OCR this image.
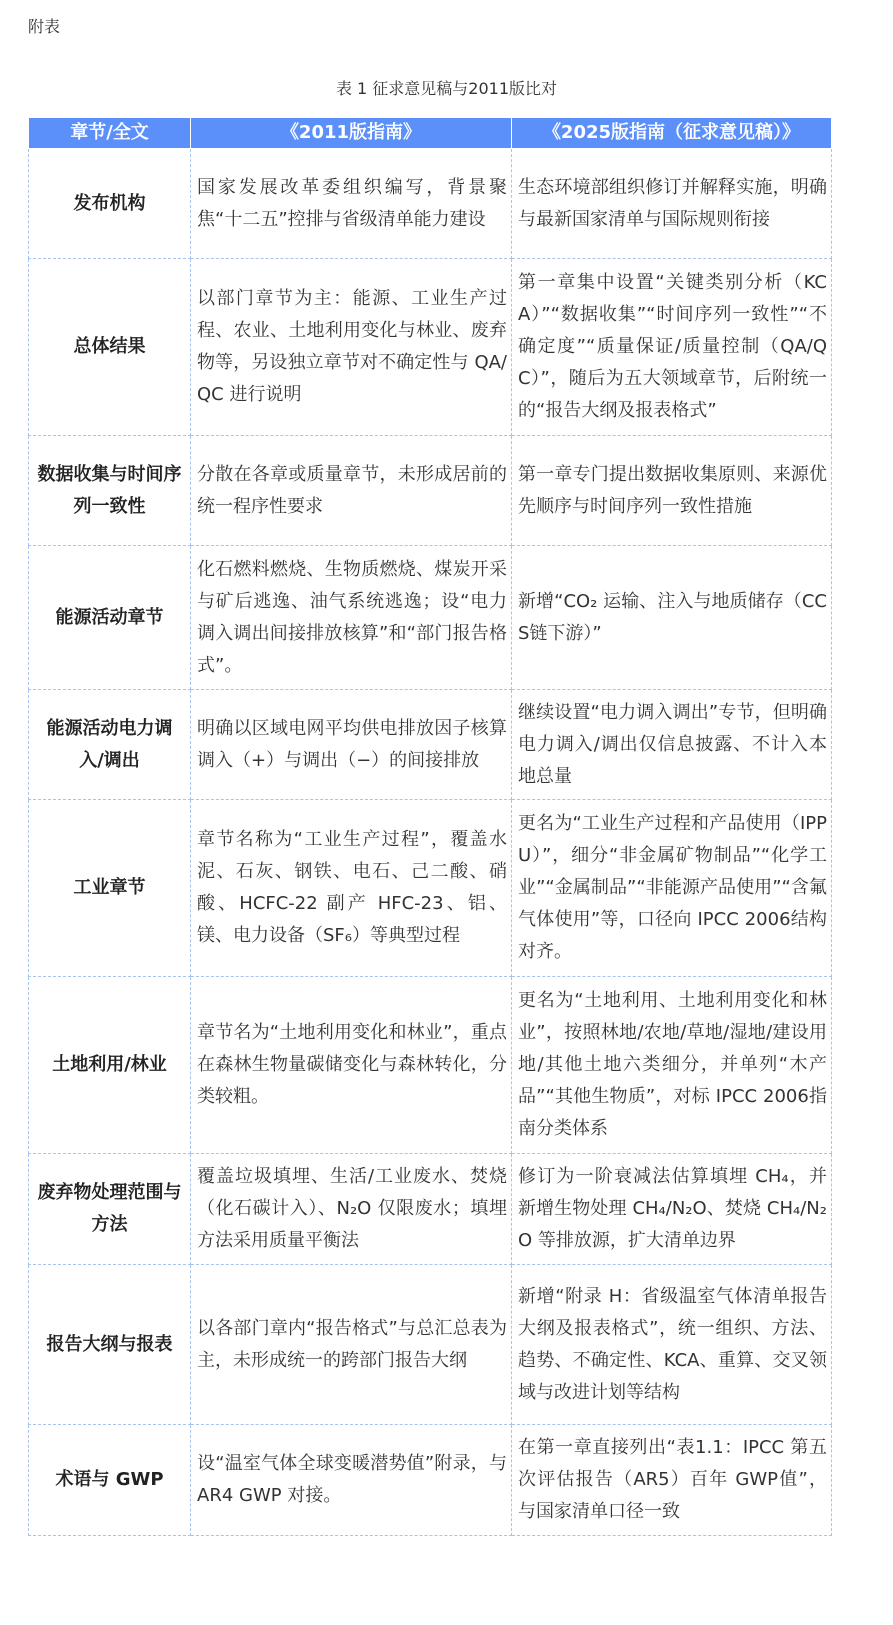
附表
表 1 征求意见稿与2011版比对
章节/全文	《2011版指南》	《2025版指南（征求意见稿）》
发布机构	国家发展改革委组织编写，背景聚焦“十二五”控排与省级清单能力建设	生态环境部组织修订并解释实施，明确与最新国家清单与国际规则衔接
总体结果	以部门章节为主：能源、工业生产过程、农业、土地利用变化与林业、废弃物等，另设独立章节对不确定性与 QA/QC 进行说明	第一章集中设置“关键类别分析（KCA）”“数据收集”“时间序列一致性”“不确定度”“质量保证/质量控制（QA/QC）”，随后为五大领域章节，后附统一的“报告大纲及报表格式”
数据收集与时间序列一致性	分散在各章或质量章节，未形成居前的统一程序性要求	第一章专门提出数据收集原则、来源优先顺序与时间序列一致性措施
能源活动章节	化石燃料燃烧、生物质燃烧、煤炭开采与矿后逃逸、油气系统逃逸；设“电力调入调出间接排放核算”和“部门报告格式”。	新增“CO₂ 运输、注入与地质储存（CCS链下游）”
能源活动电力调入/调出	明确以区域电网平均供电排放因子核算调入（+）与调出（−）的间接排放	继续设置“电力调入调出”专节，但明确电力调入/调出仅信息披露、不计入本地总量
工业章节	章节名称为“工业生产过程”，覆盖水泥、石灰、钢铁、电石、己二酸、硝酸、HCFC-22 副产 HFC-23、铝、镁、电力设备（SF₆）等典型过程	更名为“工业生产过程和产品使用（IPPU）”，细分“非金属矿物制品”“化学工业”“金属制品”“非能源产品使用”“含氟气体使用”等，口径向 IPCC 2006结构对齐。
土地利用/林业	章节名为“土地利用变化和林业”，重点在森林生物量碳储变化与森林转化，分类较粗。	更名为“土地利用、土地利用变化和林业”，按照林地/农地/草地/湿地/建设用地/其他土地六类细分，并单列“木产品”“其他生物质”，对标 IPCC 2006指南分类体系
废弃物处理范围与方法	覆盖垃圾填埋、生活/工业废水、焚烧（化石碳计入）、N₂O 仅限废水；填埋方法采用质量平衡法	修订为一阶衰减法估算填埋 CH₄，并新增生物处理 CH₄/N₂O、焚烧 CH₄/N₂O 等排放源，扩大清单边界
报告大纲与报表	以各部门章内“报告格式”与总汇总表为主，未形成统一的跨部门报告大纲	新增“附录 H：省级温室气体清单报告大纲及报表格式”，统一组织、方法、趋势、不确定性、KCA、重算、交叉领域与改进计划等结构
术语与 GWP	设“温室气体全球变暖潜势值”附录，与 AR4 GWP 对接。	在第一章直接列出“表1.1：IPCC 第五次评估报告（AR5）百年 GWP值”，与国家清单口径一致
